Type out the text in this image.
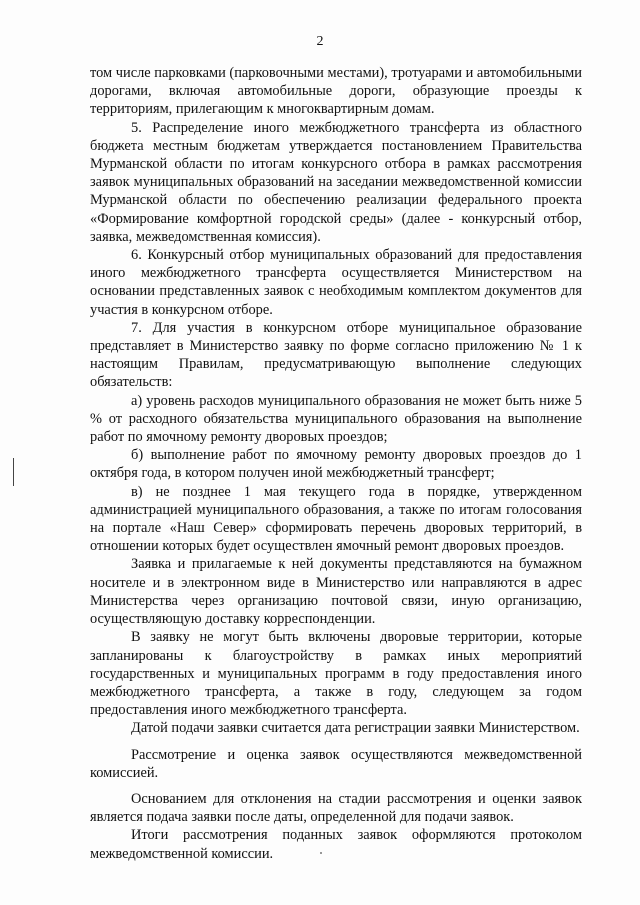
2

том числе парковками (парковочными местами), тротуарами и автомобильными дорогами, включая автомобильные дороги, образующие проезды к территориям, прилегающим к многоквартирным домам.

5. Распределение иного межбюджетного трансферта из областного бюджета местным бюджетам утверждается постановлением Правительства Мурманской области по итогам конкурсного отбора в рамках рассмотрения заявок муниципальных образований на заседании межведомственной комиссии Мурманской области по обеспечению реализации федерального проекта «Формирование комфортной городской среды» (далее - конкурсный отбор, заявка, межведомственная комиссия).

6. Конкурсный отбор муниципальных образований для предоставления иного межбюджетного трансферта осуществляется Министерством на основании представленных заявок с необходимым комплектом документов для участия в конкурсном отборе.

7. Для участия в конкурсном отборе муниципальное образование представляет в Министерство заявку по форме согласно приложению № 1 к настоящим Правилам, предусматривающую выполнение следующих обязательств:

а) уровень расходов муниципального образования не может быть ниже 5 % от расходного обязательства муниципального образования на выполнение работ по ямочному ремонту дворовых проездов;

б) выполнение работ по ямочному ремонту дворовых проездов до 1 октября года, в котором получен иной межбюджетный трансферт;

в) не позднее 1 мая текущего года в порядке, утвержденном администрацией муниципального образования, а также по итогам голосования на портале «Наш Север» сформировать перечень дворовых территорий, в отношении которых будет осуществлен ямочный ремонт дворовых проездов.

Заявка и прилагаемые к ней документы представляются на бумажном носителе и в электронном виде в Министерство или направляются в адрес Министерства через организацию почтовой связи, иную организацию, осуществляющую доставку корреспонденции.

В заявку не могут быть включены дворовые территории, которые запланированы к благоустройству в рамках иных мероприятий государственных и муниципальных программ в году предоставления иного межбюджетного трансферта, а также в году, следующем за годом предоставления иного межбюджетного трансферта.

Датой подачи заявки считается дата регистрации заявки Министерством.

Рассмотрение и оценка заявок осуществляются межведомственной комиссией.

Основанием для отклонения на стадии рассмотрения и оценки заявок является подача заявки после даты, определенной для подачи заявок.

Итоги рассмотрения поданных заявок оформляются протоколом межведомственной комиссии.
